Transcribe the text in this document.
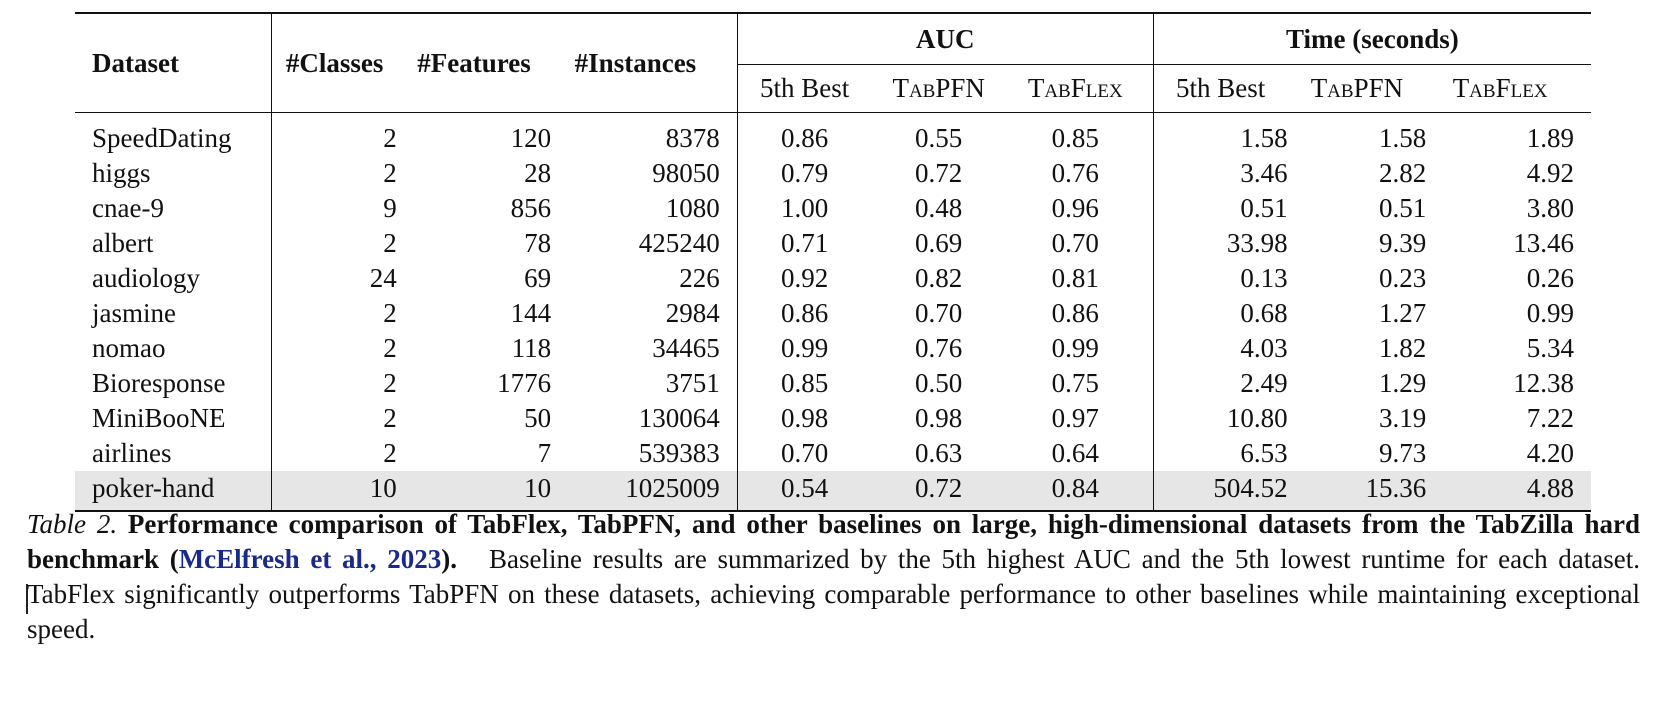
Dataset	#Classes	#Features	#Instances	AUC			Time (seconds)		
				5th Best	TabPFN	TabFlex	5th Best	TabPFN	TabFlex
SpeedDating	2	120	8378	0.86	0.55	0.85	1.58	1.58	1.89
higgs	2	28	98050	0.79	0.72	0.76	3.46	2.82	4.92
cnae-9	9	856	1080	1.00	0.48	0.96	0.51	0.51	3.80
albert	2	78	425240	0.71	0.69	0.70	33.98	9.39	13.46
audiology	24	69	226	0.92	0.82	0.81	0.13	0.23	0.26
jasmine	2	144	2984	0.86	0.70	0.86	0.68	1.27	0.99
nomao	2	118	34465	0.99	0.76	0.99	4.03	1.82	5.34
Bioresponse	2	1776	3751	0.85	0.50	0.75	2.49	1.29	12.38
MiniBooNE	2	50	130064	0.98	0.98	0.97	10.80	3.19	7.22
airlines	2	7	539383	0.70	0.63	0.64	6.53	9.73	4.20
poker-hand	10	10	1025009	0.54	0.72	0.84	504.52	15.36	4.88
Table 2. Performance comparison of TabFlex, TabPFN, and other baselines on large, high-dimensional datasets from the TabZilla hard benchmark (McElfresh et al., 2023). Baseline results are summarized by the 5th highest AUC and the 5th lowest runtime for each dataset. TabFlex significantly outperforms TabPFN on these datasets, achieving comparable performance to other baselines while maintaining exceptional speed.
